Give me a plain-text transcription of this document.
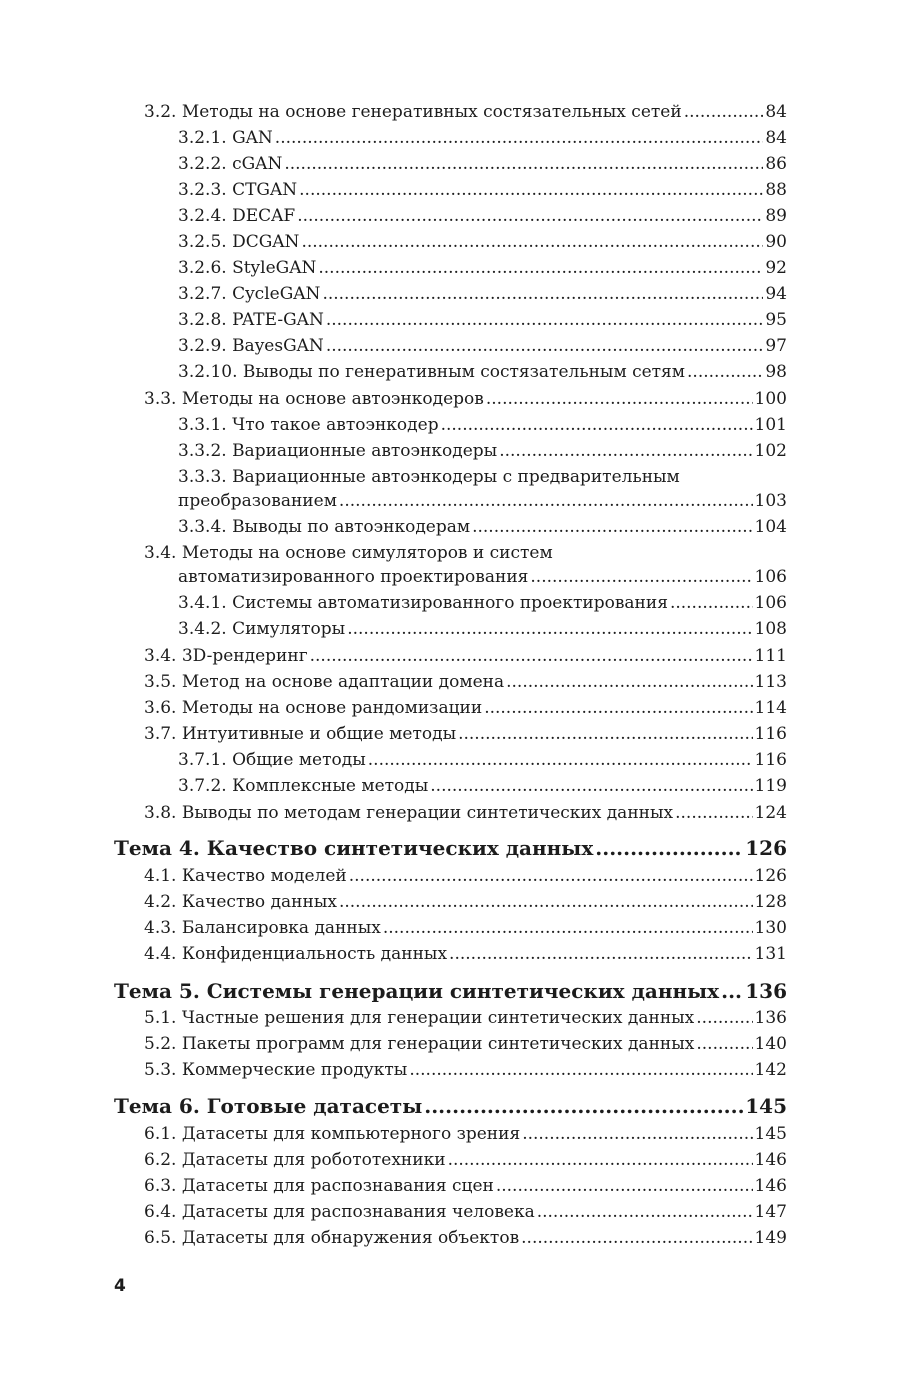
3.2. Методы на основе генеративных состязательных сетей .....	84
3.2.1. GAN .....	84
3.2.2. cGAN .....	86
3.2.3. CTGAN .....	88
3.2.4. DECAF .....	89
3.2.5. DCGAN .....	90
3.2.6. StyleGAN .....	92
3.2.7. CycleGAN .....	94
3.2.8. PATE-GAN .....	95
3.2.9. BayesGAN .....	97
3.2.10. Выводы по генеративным состязательным сетям .....	98
3.3. Методы на основе автоэнкодеров .....	100
3.3.1. Что такое автоэнкодер .....	101
3.3.2. Вариационные автоэнкодеры .....	102
3.3.3. Вариационные автоэнкодеры с предварительным
преобразованием .....	103
3.3.4. Выводы по автоэнкодерам .....	104
3.4. Методы на основе симуляторов и систем
автоматизированного проектирования .....	106
3.4.1. Системы автоматизированного проектирования .....	106
3.4.2. Симуляторы .....	108
3.4. 3D-рендеринг .....	111
3.5. Метод на основе адаптации домена .....	113
3.6. Методы на основе рандомизации .....	114
3.7. Интуитивные и общие методы .....	116
3.7.1. Общие методы .....	116
3.7.2. Комплексные методы .....	119
3.8. Выводы по методам генерации синтетических данных .....	124
Тема 4. Качество синтетических данных .....	126
4.1. Качество моделей .....	126
4.2. Качество данных .....	128
4.3. Балансировка данных .....	130
4.4. Конфиденциальность данных .....	131
Тема 5. Системы генерации синтетических данных ..... 136
5.1. Частные решения для генерации синтетических данных .....	136
5.2. Пакеты программ для генерации синтетических данных .....	140
5.3. Коммерческие продукты .....	142
Тема 6. Готовые датасеты .....	145
6.1. Датасеты для компьютерного зрения .....	145
6.2. Датасеты для робототехники .....	146
6.3. Датасеты для распознавания сцен .....	146
6.4. Датасеты для распознавания человека .....	147
6.5. Датасеты для обнаружения объектов .....	149
4
